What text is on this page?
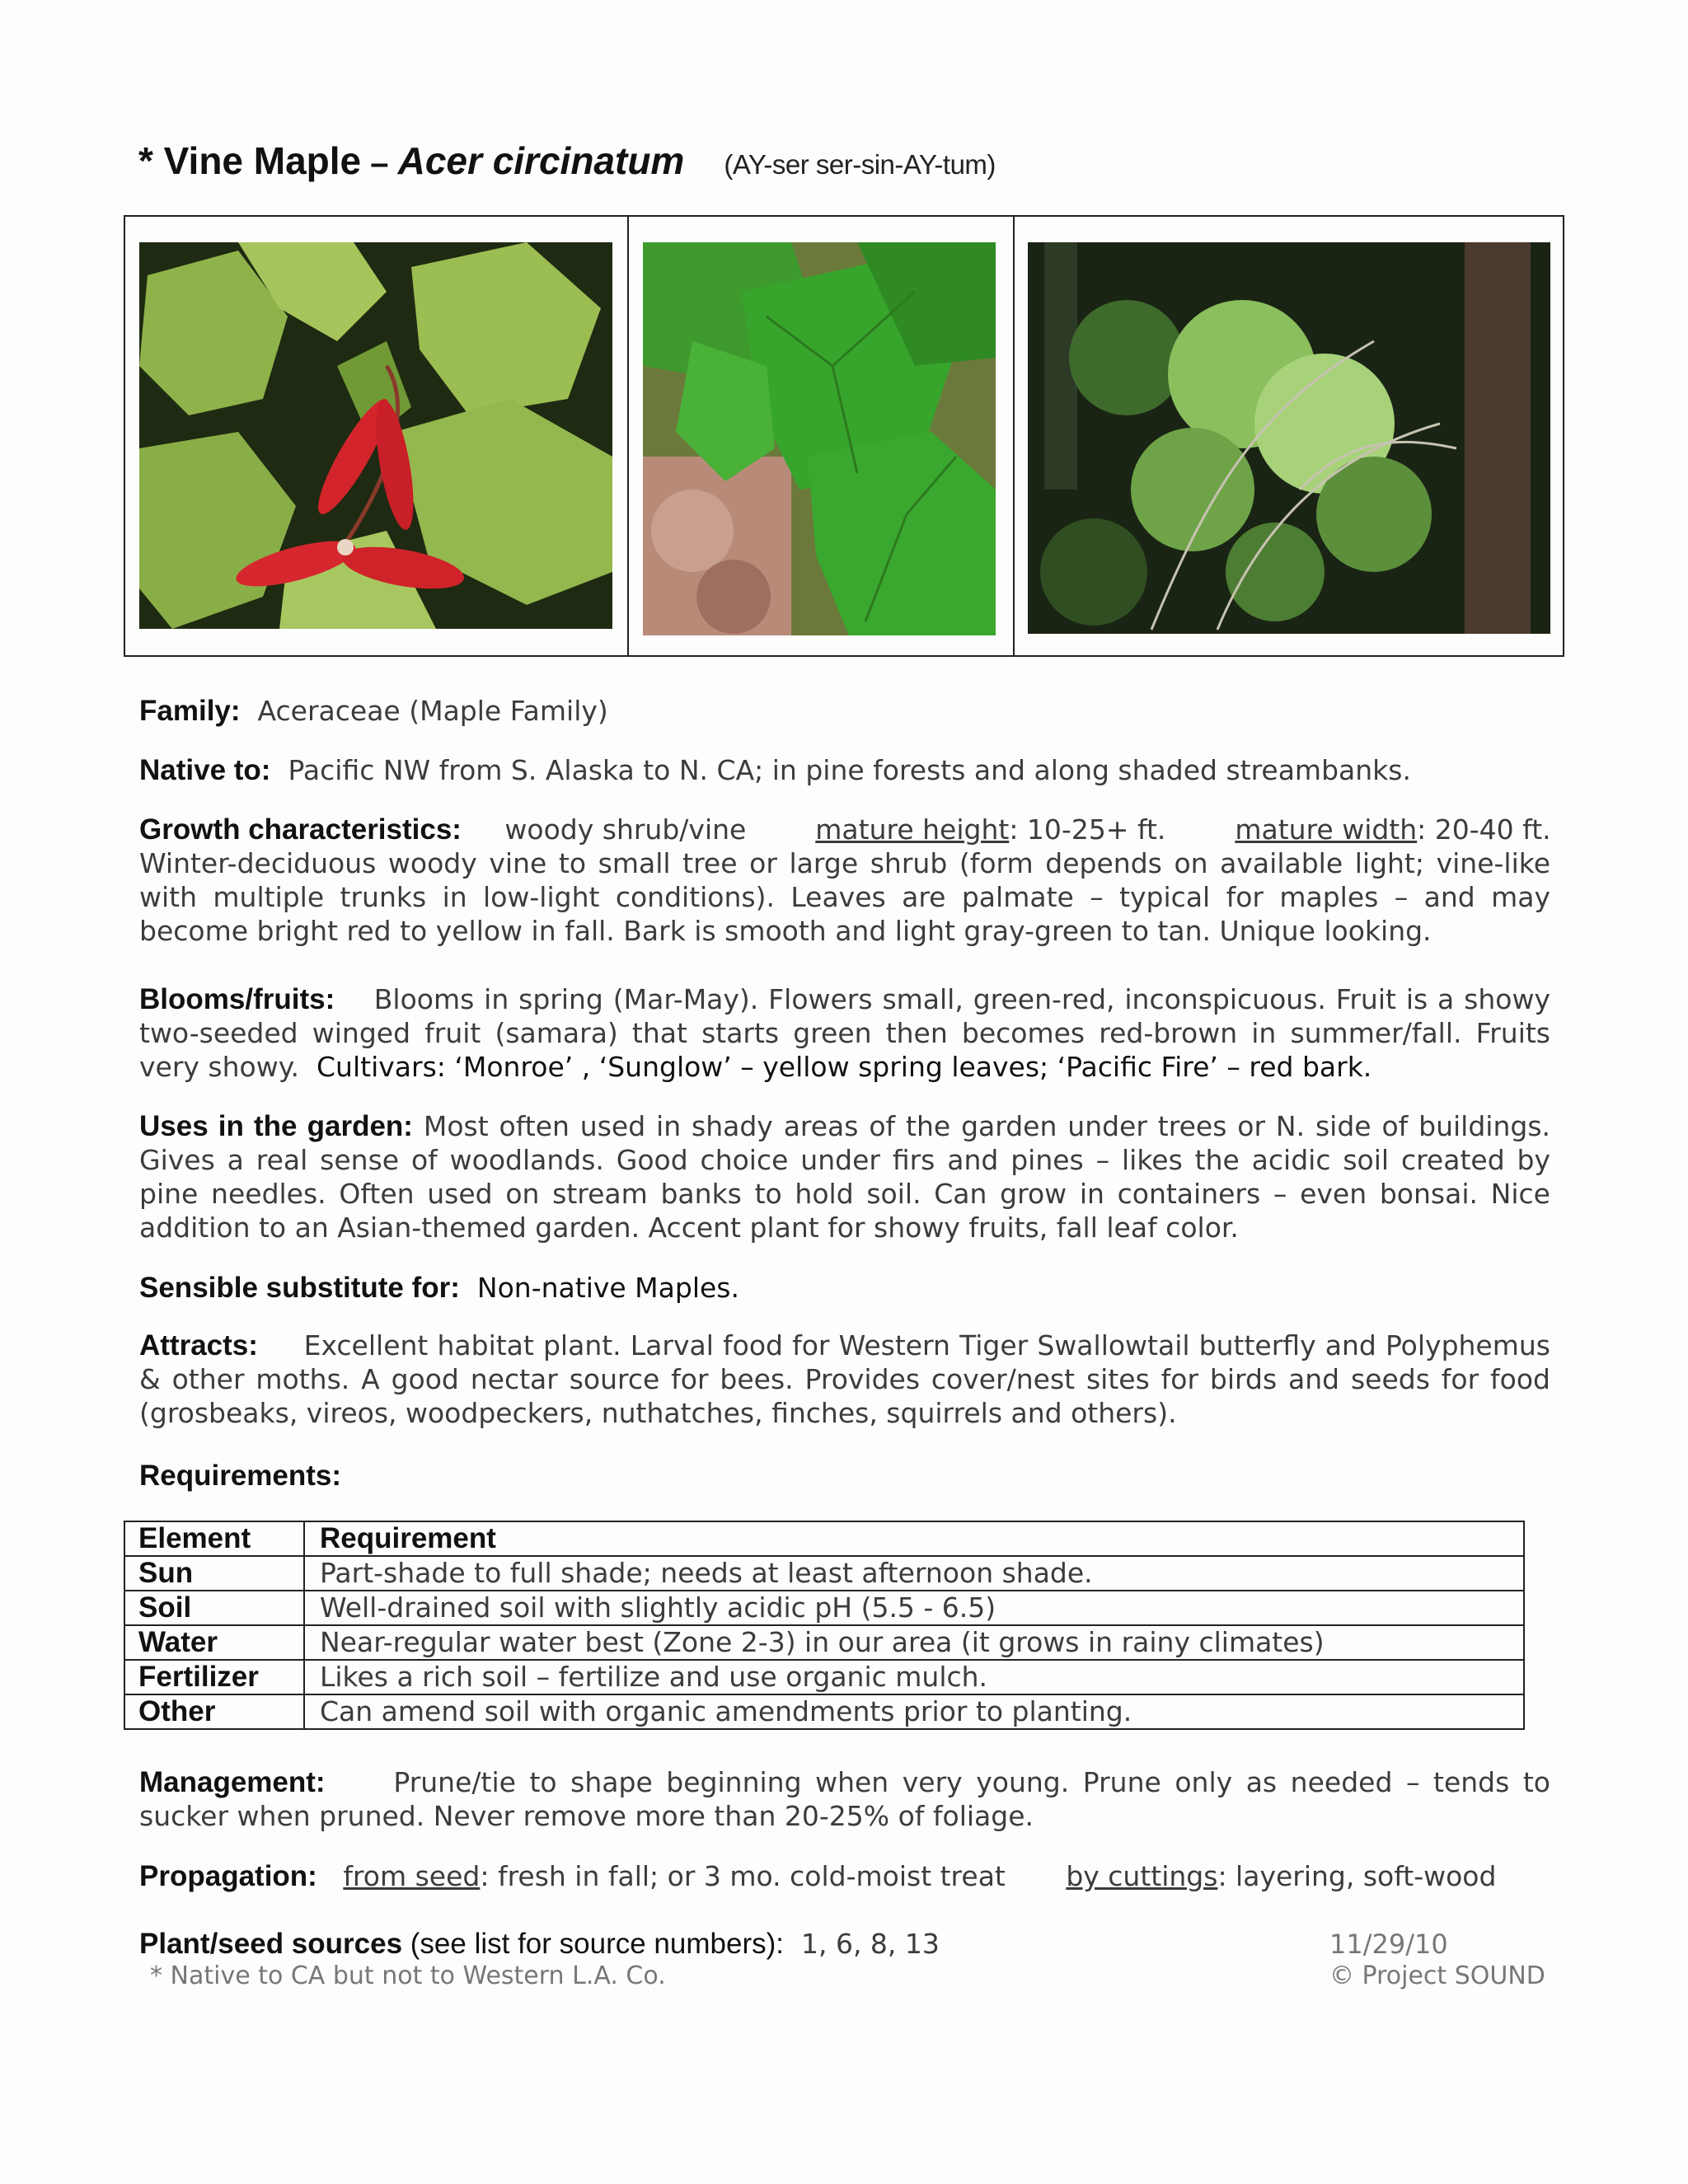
* Vine Maple – Acer circinatum (AY-ser ser-sin-AY-tum)
Family: Aceraceae (Maple Family)
Native to: Pacific NW from S. Alaska to N. CA; in pine forests and along shaded streambanks.
Growth characteristics: woody shrub/vine	mature height: 10-25+ ft.	mature width: 20-40 ft.
Winter-deciduous woody vine to small tree or large shrub (form depends on available light; vine-like with multiple trunks in low-light conditions). Leaves are palmate – typical for maples – and may become bright red to yellow in fall. Bark is smooth and light gray-green to tan. Unique looking.
Blooms/fruits: Blooms in spring (Mar-May). Flowers small, green-red, inconspicuous. Fruit is a showy two-seeded winged fruit (samara) that starts green then becomes red-brown in summer/fall. Fruits very showy. Cultivars: ‘Monroe’ , ‘Sunglow’ – yellow spring leaves; ‘Pacific Fire’ – red bark.
Uses in the garden: Most often used in shady areas of the garden under trees or N. side of buildings. Gives a real sense of woodlands. Good choice under firs and pines – likes the acidic soil created by pine needles. Often used on stream banks to hold soil. Can grow in containers – even bonsai. Nice addition to an Asian-themed garden. Accent plant for showy fruits, fall leaf color.
Sensible substitute for: Non-native Maples.
Attracts: Excellent habitat plant. Larval food for Western Tiger Swallowtail butterfly and Polyphemus & other moths. A good nectar source for bees. Provides cover/nest sites for birds and seeds for food (grosbeaks, vireos, woodpeckers, nuthatches, finches, squirrels and others).
Requirements:
Element	Requirement
Sun	Part-shade to full shade; needs at least afternoon shade.
Soil	Well-drained soil with slightly acidic pH (5.5 - 6.5)
Water	Near-regular water best (Zone 2-3) in our area (it grows in rainy climates)
Fertilizer	Likes a rich soil – fertilize and use organic mulch.
Other	Can amend soil with organic amendments prior to planting.
Management:	Prune/tie to shape beginning when very young. Prune only as needed – tends to sucker when pruned. Never remove more than 20-25% of foliage.
Propagation: from seed: fresh in fall; or 3 mo. cold-moist treat by cuttings: layering, soft-wood
Plant/seed sources (see list for source numbers): 1, 6, 8, 13	11/29/10
* Native to CA but not to Western L.A. Co.	© Project SOUND
